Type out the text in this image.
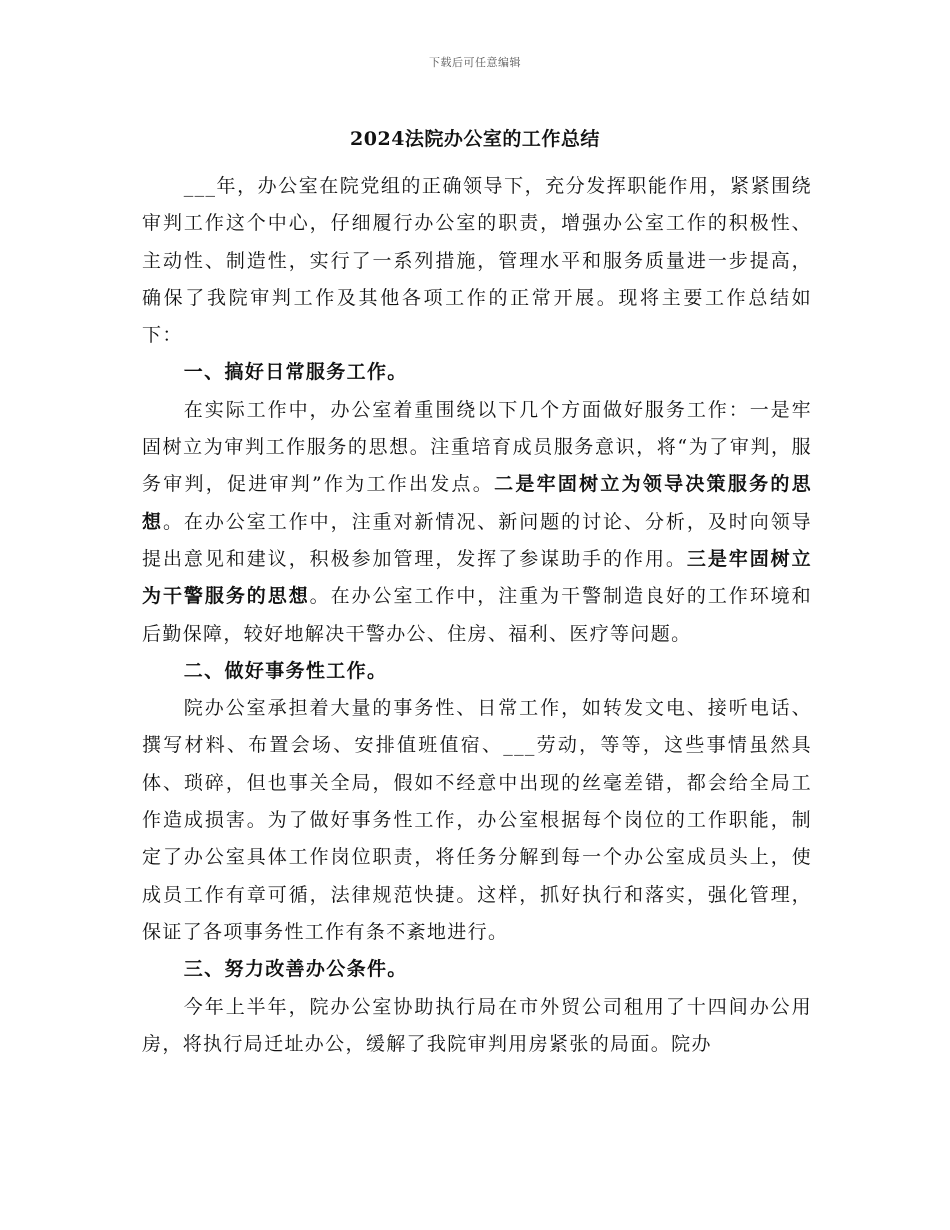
下载后可任意编辑
2024法院办公室的工作总结

___年，办公室在院党组的正确领导下，充分发挥职能作用，紧紧围绕审判工作这个中心，仔细履行办公室的职责，增强办公室工作的积极性、主动性、制造性，实行了一系列措施，管理水平和服务质量进一步提高，确保了我院审判工作及其他各项工作的正常开展。现将主要工作总结如下：

一、搞好日常服务工作。

在实际工作中，办公室着重围绕以下几个方面做好服务工作：一是牢固树立为审判工作服务的思想。注重培育成员服务意识，将“为了审判，服务审判，促进审判”作为工作出发点。二是牢固树立为领导决策服务的思想。在办公室工作中，注重对新情况、新问题的讨论、分析，及时向领导提出意见和建议，积极参加管理，发挥了参谋助手的作用。三是牢固树立为干警服务的思想。在办公室工作中，注重为干警制造良好的工作环境和后勤保障，较好地解决干警办公、住房、福利、医疗等问题。

二、做好事务性工作。

院办公室承担着大量的事务性、日常工作，如转发文电、接听电话、撰写材料、布置会场、安排值班值宿、___劳动，等等，这些事情虽然具体、琐碎，但也事关全局，假如不经意中出现的丝毫差错，都会给全局工作造成损害。为了做好事务性工作，办公室根据每个岗位的工作职能，制定了办公室具体工作岗位职责，将任务分解到每一个办公室成员头上，使成员工作有章可循，法律规范快捷。这样，抓好执行和落实，强化管理，保证了各项事务性工作有条不紊地进行。

三、努力改善办公条件。

今年上半年，院办公室协助执行局在市外贸公司租用了十四间办公用房，将执行局迁址办公，缓解了我院审判用房紧张的局面。院办
